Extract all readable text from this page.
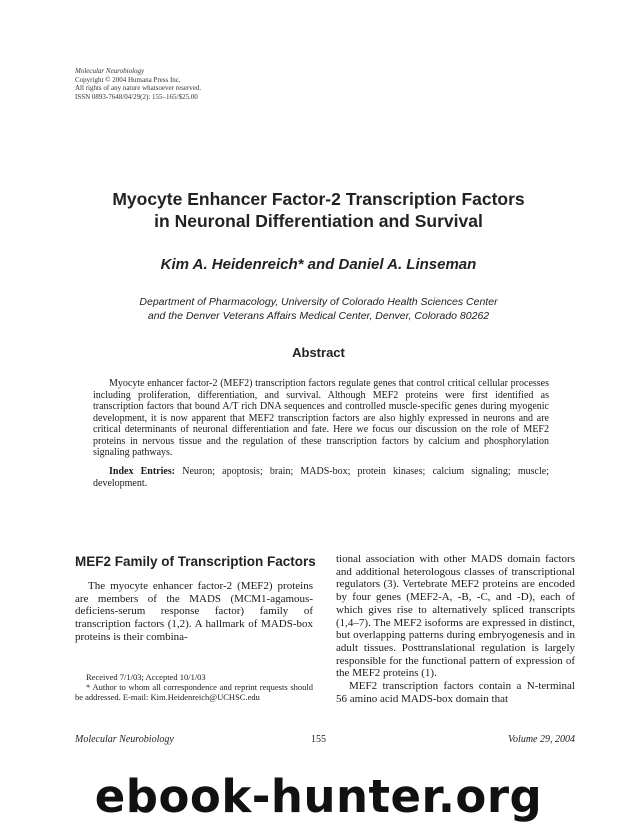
Molecular Neurobiology
Copyright © 2004 Humana Press Inc.
All rights of any nature whatsoever reserved.
ISSN 0893-7648/04/29(2): 155–165/$25.00
Myocyte Enhancer Factor-2 Transcription Factors
in Neuronal Differentiation and Survival
Kim A. Heidenreich* and Daniel A. Linseman
Department of Pharmacology, University of Colorado Health Sciences Center
and the Denver Veterans Affairs Medical Center, Denver, Colorado 80262
Abstract
Myocyte enhancer factor-2 (MEF2) transcription factors regulate genes that control critical cellular processes including proliferation, differentiation, and survival. Although MEF2 proteins were first identified as transcription factors that bound A/T rich DNA sequences and controlled muscle-specific genes during myogenic development, it is now apparent that MEF2 transcription factors are also highly expressed in neurons and are critical determinants of neuronal differentiation and fate. Here we focus our discussion on the role of MEF2 proteins in nervous tissue and the regulation of these transcription factors by calcium and phosphorylation signaling pathways.
Index Entries: Neuron; apoptosis; brain; MADS-box; protein kinases; calcium signaling; muscle; development.
MEF2 Family of Transcription Factors

The myocyte enhancer factor-2 (MEF2) proteins are members of the MADS (MCM1-agamous-deficiens-serum response factor) family of transcription factors (1,2). A hallmark of MADS-box proteins is their combina-

Received 7/1/03; Accepted 10/1/03

* Author to whom all correspondence and reprint requests should be addressed. E-mail: Kim.Heidenreich@UCHSC.edu

tional association with other MADS domain factors and additional heterologous classes of transcriptional regulators (3). Vertebrate MEF2 proteins are encoded by four genes (MEF2-A, -B, -C, and -D), each of which gives rise to alternatively spliced transcripts (1,4–7). The MEF2 isoforms are expressed in distinct, but overlapping patterns during embryogenesis and in adult tissues. Posttranslational regulation is largely responsible for the functional pattern of expression of the MEF2 proteins (1).

MEF2 transcription factors contain a N-terminal 56 amino acid MADS-box domain that

Molecular Neurobiology	155	Volume 29, 2004
ebook-hunter.org
